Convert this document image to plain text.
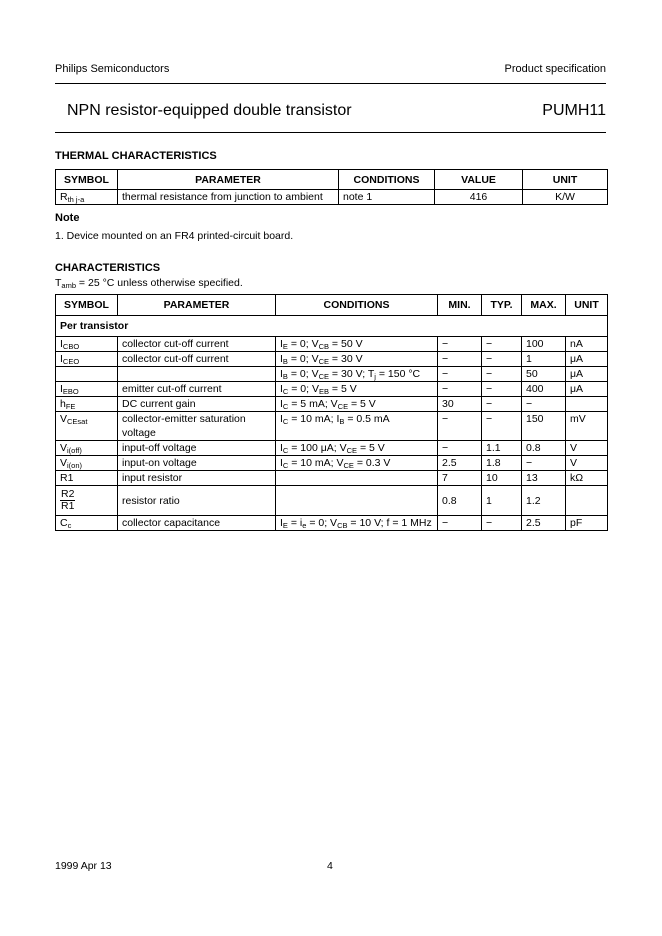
Philips Semiconductors	Product specification
NPN resistor-equipped double transistor	PUMH11
THERMAL CHARACTERISTICS
SYMBOL	PARAMETER	CONDITIONS	VALUE	UNIT
$R_{th j-a}$	thermal resistance from junction to ambient	note 1	416	K/W
Note
1. Device mounted on an FR4 printed-circuit board.
CHARACTERISTICS
$T_{amb} = 25$ °C unless otherwise specified.
SYMBOL	PARAMETER	CONDITIONS	MIN.	TYP.	MAX.	UNIT
Per transistor						
$I_{CBO}$	collector cut-off current	$I_E = 0$; $V_{CB} = 50$ V	−	−	100	nA
$I_{CEO}$	collector cut-off current	$I_B = 0$; $V_{CE} = 30$ V	−	−	1	μA

		$I_B = 0$; $V_{CE} = 30$ V; $T_j = 150$ °C	−	−	50	μA
$I_{EBO}$	emitter cut-off current	$I_C = 0$; $V_{EB} = 5$ V	−	−	400	μA
$h_{FE}$	DC current gain	$I_C = 5$ mA; $V_{CE} = 5$ V	30	−	−	
$V_{CEsat}$	collector-emitter saturation voltage	$I_C = 10$ mA; $I_B = 0.5$ mA	−	−	150	mV
$V_{i(off)}$	input-off voltage	$I_C = 100$ μA; $V_{CE} = 5$ V	−	1.1	0.8	V
$V_{i(on)}$	input-on voltage	$I_C = 10$ mA; $V_{CE} = 0.3$ V	2.5	1.8	−	V
R1	input resistor		7	10	13	kΩ

$\frac{R2}{R1}$	resistor ratio		0.8	1	1.2	
$C_c$	collector capacitance	$I_E = i_e = 0$; $V_{CB} = 10$ V; f = 1 MHz	−	−	2.5	pF
1999 Apr 13	4
